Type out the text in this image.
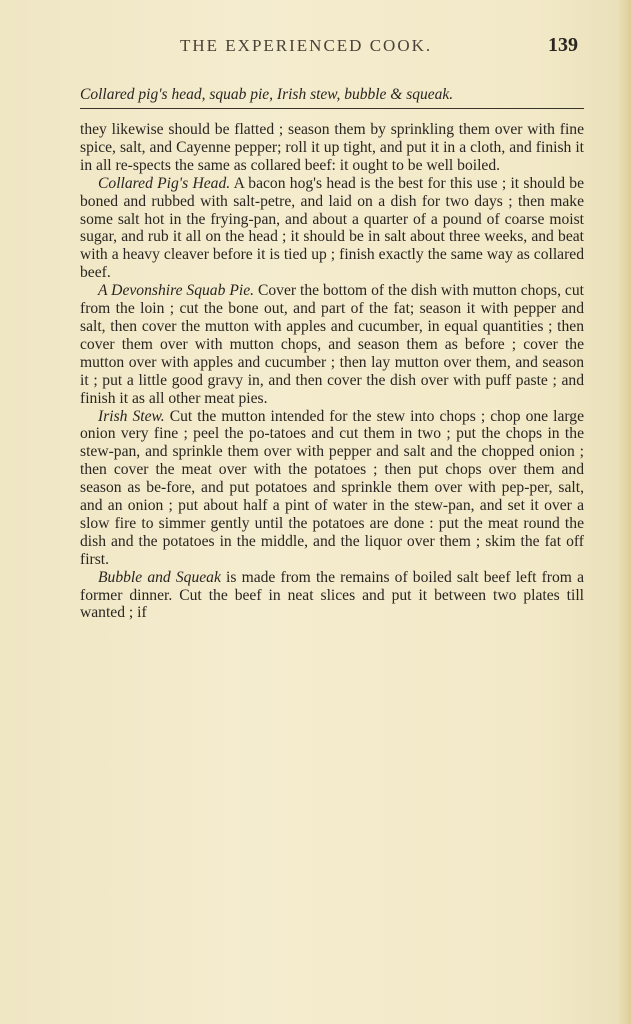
THE EXPERIENCED COOK.	139
Collared pig's head, squab pie, Irish stew, bubble & squeak.

they likewise should be flatted ; season them by sprinkling them over with fine spice, salt, and Cayenne pepper; roll it up tight, and put it in a cloth, and finish it in all re-spects the same as collared beef: it ought to be well boiled.

Collared Pig's Head. A bacon hog's head is the best for this use ; it should be boned and rubbed with salt-petre, and laid on a dish for two days ; then make some salt hot in the frying-pan, and about a quarter of a pound of coarse moist sugar, and rub it all on the head ; it should be in salt about three weeks, and beat with a heavy cleaver before it is tied up ; finish exactly the same way as collared beef.

A Devonshire Squab Pie. Cover the bottom of the dish with mutton chops, cut from the loin ; cut the bone out, and part of the fat; season it with pepper and salt, then cover the mutton with apples and cucumber, in equal quantities ; then cover them over with mutton chops, and season them as before ; cover the mutton over with apples and cucumber ; then lay mutton over them, and season it ; put a little good gravy in, and then cover the dish over with puff paste ; and finish it as all other meat pies.

Irish Stew. Cut the mutton intended for the stew into chops ; chop one large onion very fine ; peel the po-tatoes and cut them in two ; put the chops in the stew-pan, and sprinkle them over with pepper and salt and the chopped onion ; then cover the meat over with the potatoes ; then put chops over them and season as be-fore, and put potatoes and sprinkle them over with pep-per, salt, and an onion ; put about half a pint of water in the stew-pan, and set it over a slow fire to simmer gently until the potatoes are done : put the meat round the dish and the potatoes in the middle, and the liquor over them ; skim the fat off first.

Bubble and Squeak is made from the remains of boiled salt beef left from a former dinner. Cut the beef in neat slices and put it between two plates till wanted ; if
